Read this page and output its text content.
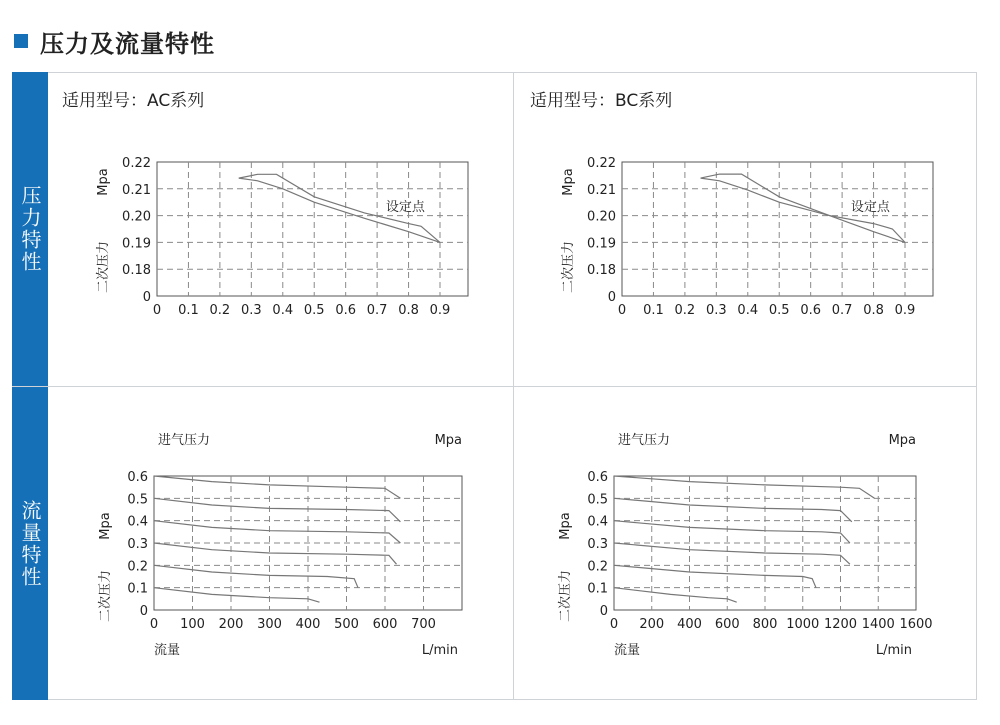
压力及流量特性
压力特性
流量特性
适用型号：AC系列	适用型号：BC系列
0 0.1 0.2 0.3 0.4 0.5 0.6 0.7 0.8 0.9
0
0.18
0.19
0.20
0.21
0.22
Mpa
二次压力
设定点
0 0.1 0.2 0.3 0.4 0.5 0.6 0.7 0.8 0.9
0
0.18
0.19
0.20
0.21
0.22
Mpa
二次压力
设定点
0 100 200 300 400 500 600 700
0
0.1
0.2
0.3
0.4
0.5
0.6
Mpa
二次压力
进气压力	Mpa
流量	L/min
0 200 400 600 800 1000 1200 1400 1600
0
0.1
0.2
0.3
0.4
0.5
0.6
Mpa
二次压力
进气压力	Mpa
流量	L/min
